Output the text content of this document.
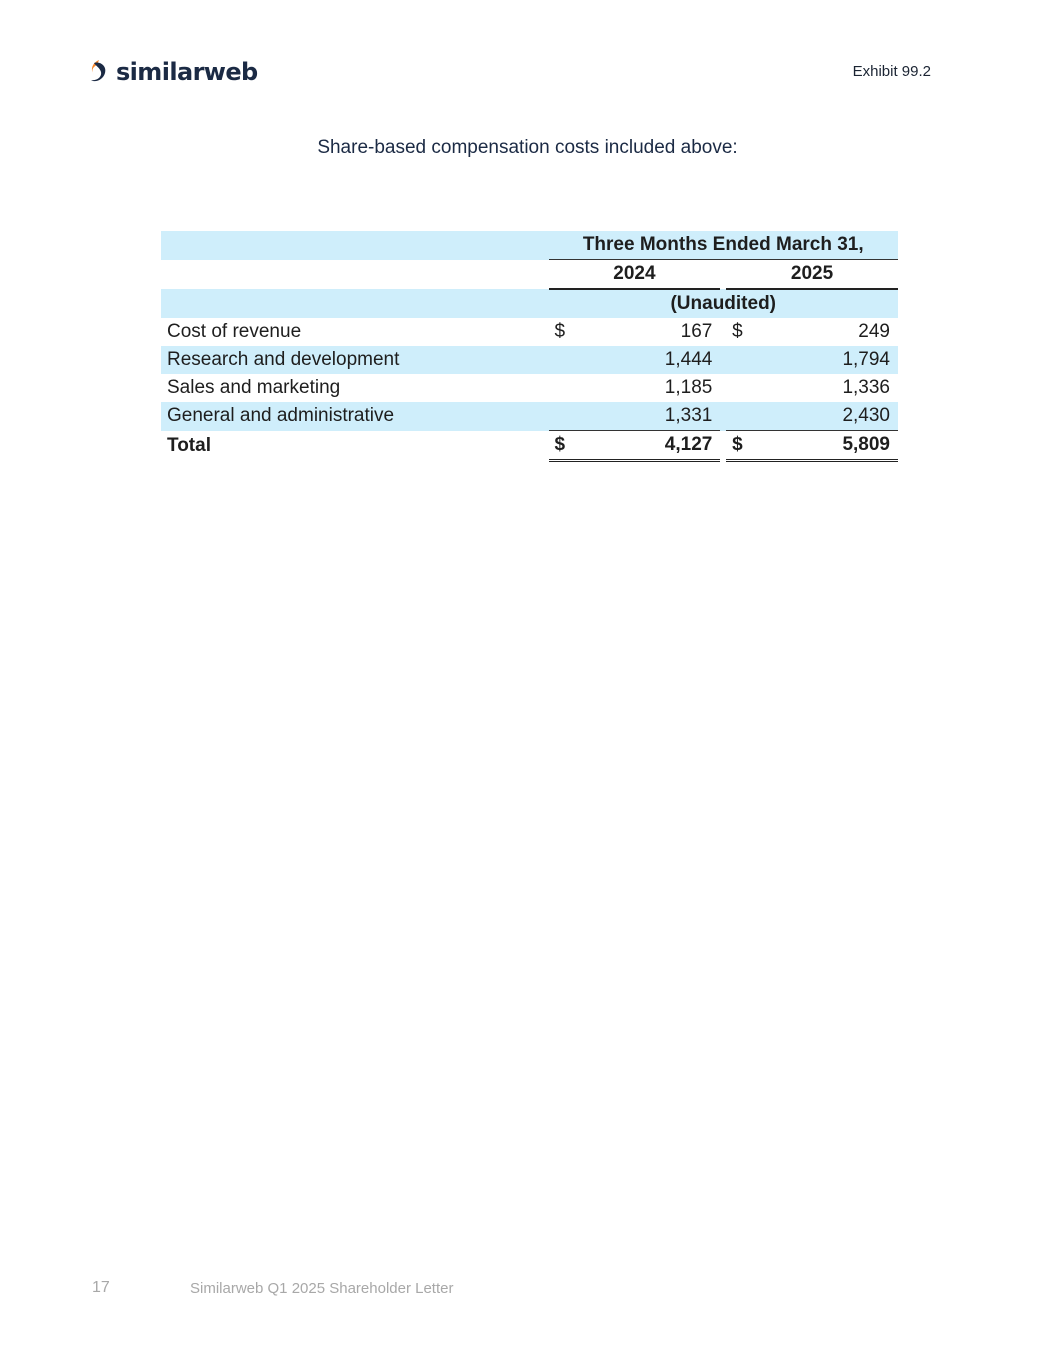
similarweb	Exhibit 99.2
Share-based compensation costs included above:
	Three Months Ended March 31,				
	2024			2025	
	(Unaudited)				
Cost of revenue	$	167		$	249
Research and development		1,444			1,794
Sales and marketing		1,185			1,336
General and administrative		1,331			2,430
Total	$	4,127		$	5,809
17	Similarweb Q1 2025 Shareholder Letter
